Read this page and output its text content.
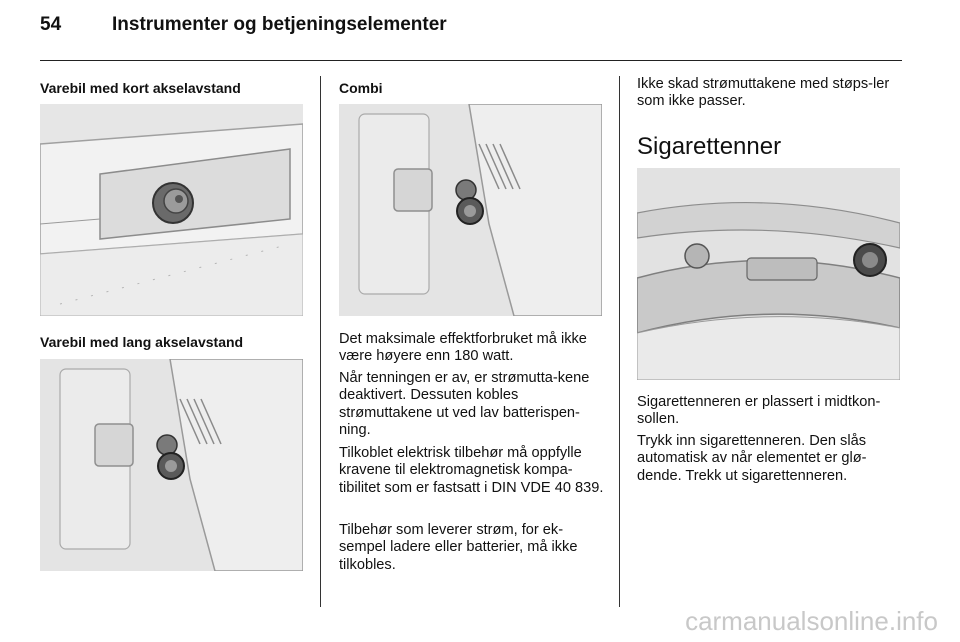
54	Instrumenter og betjeningselementer
Varebil med kort akselavstand
Varebil med lang akselavstand
Combi

Det maksimale effektforbruket må ikke være høyere enn 180 watt.

Når tenningen er av, er strømutta-kene deaktivert. Dessuten kobles strømuttakene ut ved lav batterispen-ning.

Tilkoblet elektrisk tilbehør må oppfylle kravene til elektromagnetisk kompa-tibilitet som er fastsatt i DIN VDE 40 839.

Tilbehør som leverer strøm, for ek-sempel ladere eller batterier, må ikke tilkobles.

Ikke skad strømuttakene med støps-ler som ikke passer.

Sigarettenner

Sigarettenneren er plassert i midtkon-sollen.

Trykk inn sigarettenneren. Den slås automatisk av når elementet er glø-dende. Trekk ut sigarettenneren.

carmanualsonline.info
